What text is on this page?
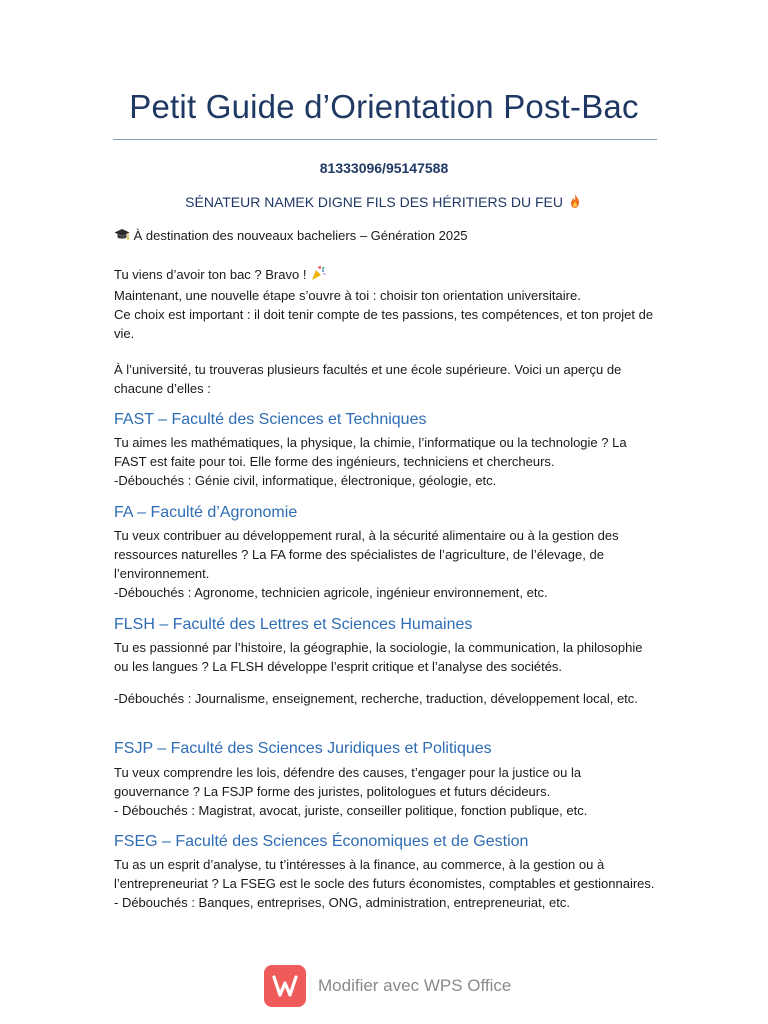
Petit Guide d’Orientation Post-Bac
81333096/95147588
SÉNATEUR NAMEK DIGNE FILS DES HÉRITIERS DU FEU
À destination des nouveaux bacheliers – Génération 2025

Tu viens d’avoir ton bac ? Bravo !

Maintenant, une nouvelle étape s’ouvre à toi : choisir ton orientation universitaire.

Ce choix est important : il doit tenir compte de tes passions, tes compétences, et ton projet de vie.

À l’université, tu trouveras plusieurs facultés et une école supérieure. Voici un aperçu de chacune d’elles :
FAST – Faculté des Sciences et Techniques

Tu aimes les mathématiques, la physique, la chimie, l’informatique ou la technologie ? La FAST est faite pour toi. Elle forme des ingénieurs, techniciens et chercheurs.

-Débouchés : Génie civil, informatique, électronique, géologie, etc.

FA – Faculté d’Agronomie

Tu veux contribuer au développement rural, à la sécurité alimentaire ou à la gestion des ressources naturelles ? La FA forme des spécialistes de l’agriculture, de l’élevage, de l’environnement.

-Débouchés : Agronome, technicien agricole, ingénieur environnement, etc.

FLSH – Faculté des Lettres et Sciences Humaines

Tu es passionné par l’histoire, la géographie, la sociologie, la communication, la philosophie ou les langues ? La FLSH développe l’esprit critique et l’analyse des sociétés.

-Débouchés : Journalisme, enseignement, recherche, traduction, développement local, etc.

FSJP – Faculté des Sciences Juridiques et Politiques

Tu veux comprendre les lois, défendre des causes, t’engager pour la justice ou la gouvernance ? La FSJP forme des juristes, politologues et futurs décideurs.

- Débouchés : Magistrat, avocat, juriste, conseiller politique, fonction publique, etc.

FSEG – Faculté des Sciences Économiques et de Gestion

Tu as un esprit d’analyse, tu t’intéresses à la finance, au commerce, à la gestion ou à l’entrepreneuriat ? La FSEG est le socle des futurs économistes, comptables et gestionnaires.

- Débouchés : Banques, entreprises, ONG, administration, entrepreneuriat, etc.

Modifier avec WPS Office
